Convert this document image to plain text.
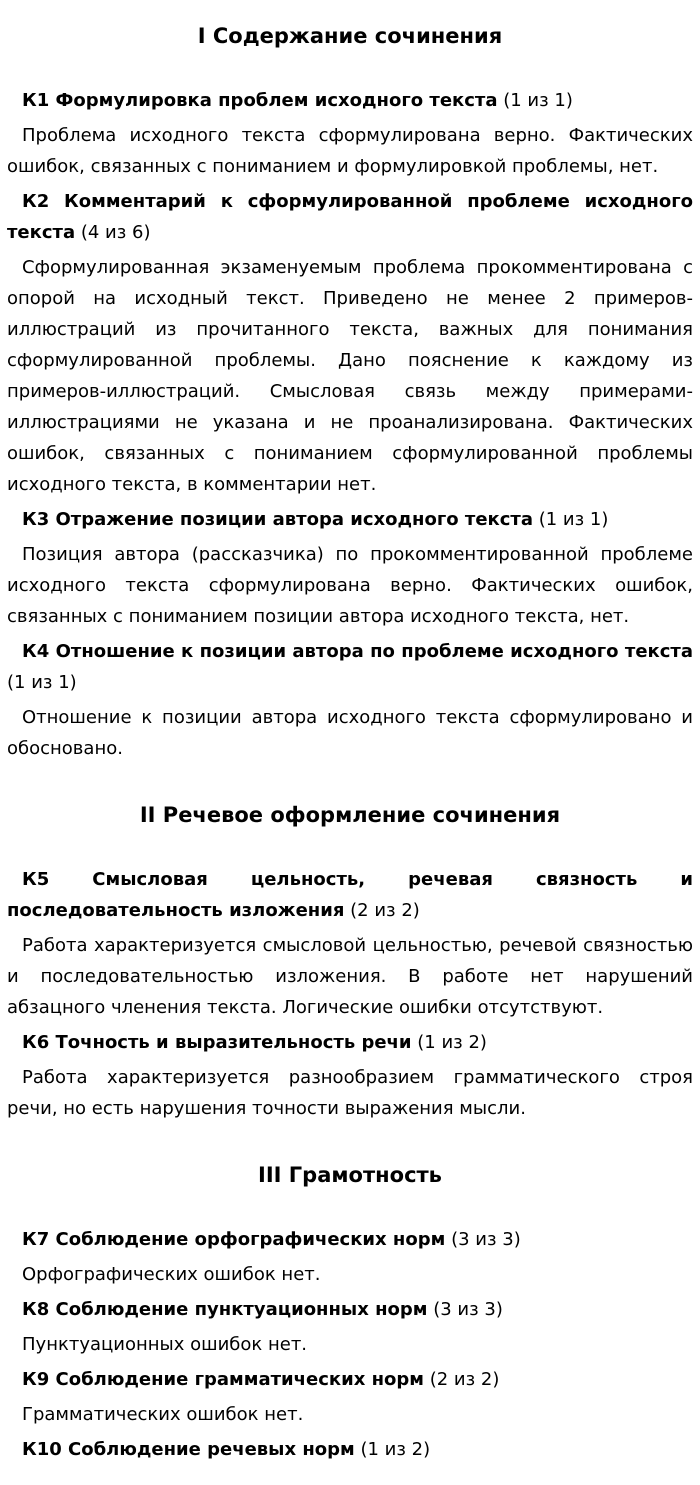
I Содержание сочинения

К1 Формулировка проблем исходного текста (1 из 1)

Проблема исходного текста сформулирована верно. Фактических ошибок, связанных с пониманием и формулировкой проблемы, нет.

К2 Комментарий к сформулированной проблеме исходного текста (4 из 6)

Сформулированная экзаменуемым проблема прокомментирована с опорой на исходный текст. Приведено не менее 2 примеров-иллюстраций из прочитанного текста, важных для понимания сформулированной проблемы. Дано пояснение к каждому из примеров-иллюстраций. Смысловая связь между примерами-иллюстрациями не указана и не проанализирована. Фактических ошибок, связанных с пониманием сформулированной проблемы исходного текста, в комментарии нет.

К3 Отражение позиции автора исходного текста (1 из 1)

Позиция автора (рассказчика) по прокомментированной проблеме исходного текста сформулирована верно. Фактических ошибок, связанных с пониманием позиции автора исходного текста, нет.

К4 Отношение к позиции автора по проблеме исходного текста (1 из 1)

Отношение к позиции автора исходного текста сформулировано и обосновано.

II Речевое оформление сочинения

К5 Смысловая цельность, речевая связность и последовательность изложения (2 из 2)

Работа характеризуется смысловой цельностью, речевой связностью и последовательностью изложения. В работе нет нарушений абзацного членения текста. Логические ошибки отсутствуют.

К6 Точность и выразительность речи (1 из 2)

Работа характеризуется разнообразием грамматического строя речи, но есть нарушения точности выражения мысли.

III Грамотность

К7 Соблюдение орфографических норм (3 из 3)

Орфографических ошибок нет.

К8 Соблюдение пунктуационных норм (3 из 3)

Пунктуационных ошибок нет.

К9 Соблюдение грамматических норм (2 из 2)

Грамматических ошибок нет.

К10 Соблюдение речевых норм (1 из 2)
